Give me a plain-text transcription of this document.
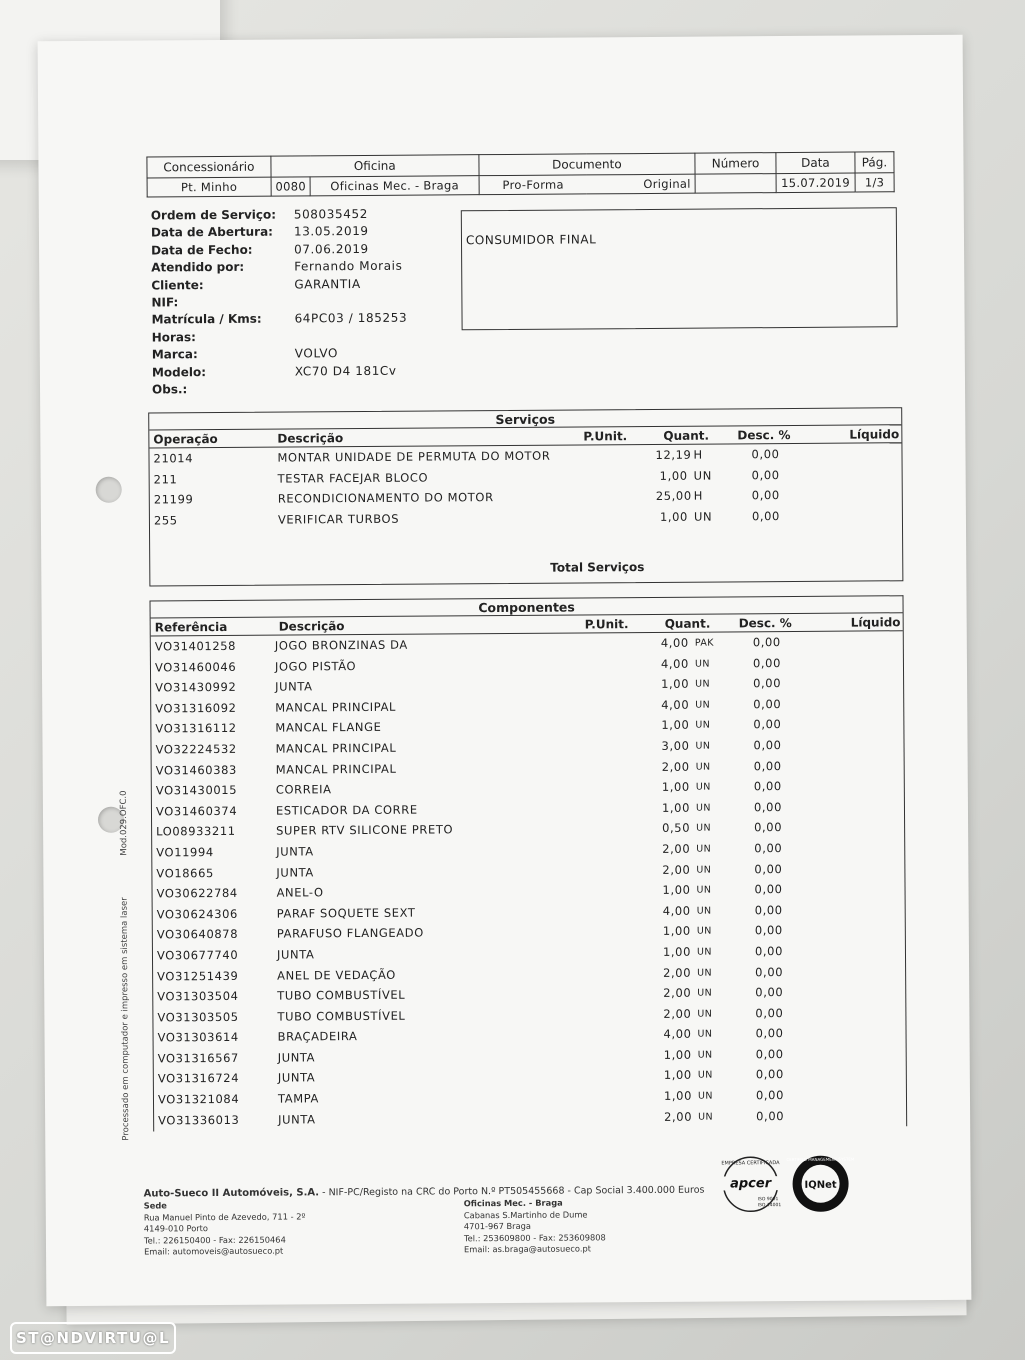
Concessionário	Oficina		Documento		Número	Data	Pág.
Pt. Minho	0080	Oficinas Mec. - Braga	Pro-Forma	Original		15.07.2019	1/3
Ordem de Serviço:	508035452
Data de Abertura:	13.05.2019
Data de Fecho:	07.06.2019
Atendido por:	Fernando Morais
Cliente:	GARANTIA
NIF:
Matrícula / Kms:	64PC03 / 185253
Horas:
Marca:	VOLVO
Modelo:	XC70 D4 181Cv
Obs.:
CONSUMIDOR FINAL
Serviços
Operação	Descrição	P.Unit.	Quant. Desc. %	Líquido
21014	MONTAR UNIDADE DE PERMUTA DO MOTOR	12,19 H	0,00
211	TESTAR FACEJAR BLOCO	1,00 UN	0,00
21199	RECONDICIONAMENTO DO MOTOR	25,00 H	0,00
255	VERIFICAR TURBOS	1,00 UN	0,00
Total Serviços
Componentes
Referência	Descrição	P.Unit.	Quant. Desc. %	Líquido
VO31401258	JOGO BRONZINAS DA	4,00 PAK	0,00
VO31460046	JOGO PISTÃO	4,00 UN	0,00
VO31430992	JUNTA	1,00 UN	0,00
VO31316092	MANCAL PRINCIPAL	4,00 UN	0,00
VO31316112	MANCAL FLANGE	1,00 UN	0,00
VO32224532	MANCAL PRINCIPAL	3,00 UN	0,00
VO31460383	MANCAL PRINCIPAL	2,00 UN	0,00
VO31430015	CORREIA	1,00 UN	0,00
VO31460374	ESTICADOR DA CORRE	1,00 UN	0,00
LO08933211	SUPER RTV SILICONE PRETO	0,50 UN	0,00
VO11994	JUNTA	2,00 UN	0,00
VO18665	JUNTA	2,00 UN	0,00
VO30622784	ANEL-O	1,00 UN	0,00
VO30624306	PARAF SOQUETE SEXT	4,00 UN	0,00
VO30640878	PARAFUSO FLANGEADO	1,00 UN	0,00
VO30677740	JUNTA	1,00 UN	0,00
VO31251439	ANEL DE VEDAÇÃO	2,00 UN	0,00
VO31303504	TUBO COMBUSTÍVEL	2,00 UN	0,00
VO31303505	TUBO COMBUSTÍVEL	2,00 UN	0,00
VO31303614	BRAÇADEIRA	4,00 UN	0,00
VO31316567	JUNTA	1,00 UN	0,00
VO31316724	JUNTA	1,00 UN	0,00
VO31321084	TAMPA	1,00 UN	0,00
VO31336013	JUNTA	2,00 UN	0,00
Mod.029.OFC.0
Processado em computador e impresso em sistema laser
Auto-Sueco II Automóveis, S.A. - NIF-PC/Registo na CRC do Porto N.º PT505455668 - Cap Social 3.400.000 Euros
Sede
Rua Manuel Pinto de Azevedo, 711 - 2º
4149-010 Porto
Tel.: 226150400 - Fax: 226150464
Email: automoveis@autosueco.pt
Oficinas Mec. - Braga
Cabanas S.Martinho de Dume
4701-967 Braga
Tel.: 253609800 - Fax: 253609808
Email: as.braga@autosueco.pt
EMPRESA CERTIFICADA
apcer
ISO 9001
ISO 14001
CERTIFIED MANAGEMENT SYSTEM
IQNet
ST@NDVIRTU@L
